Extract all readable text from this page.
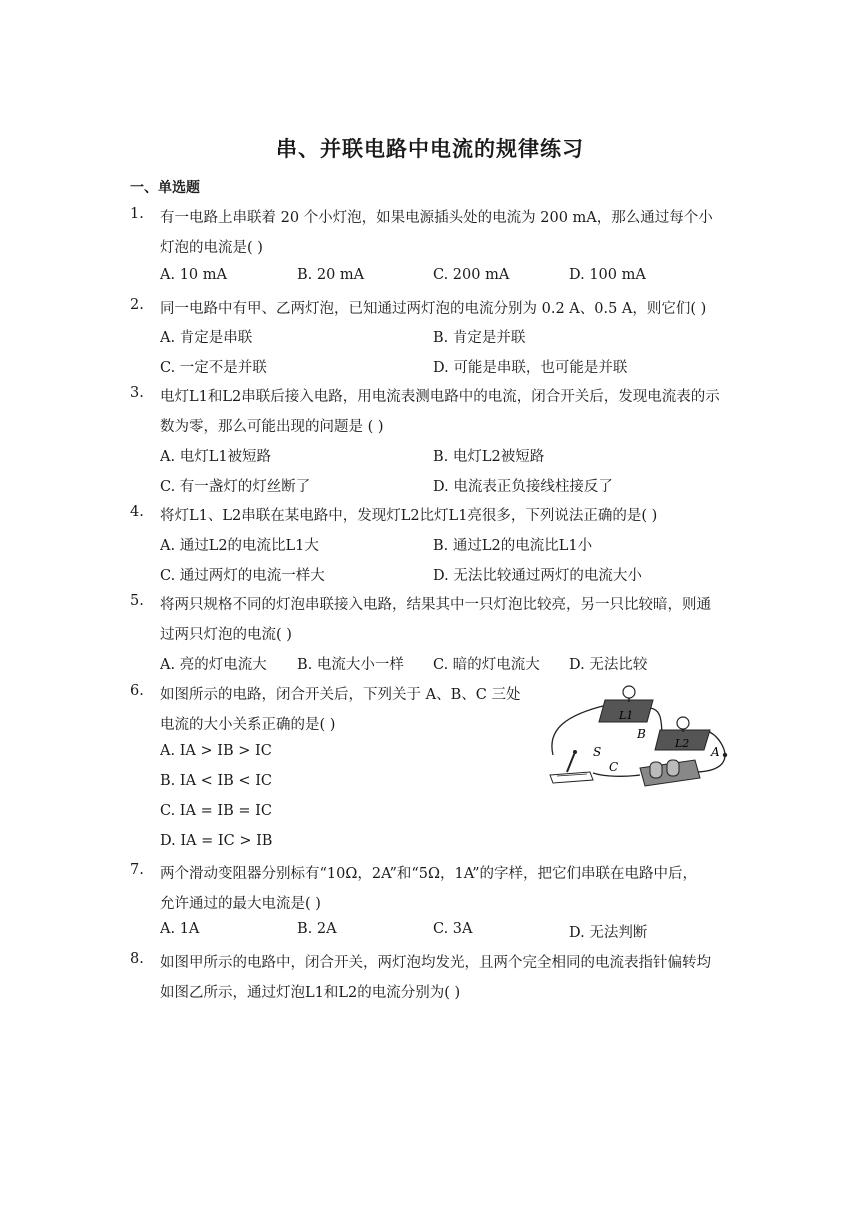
串、并联电路中电流的规律练习
一、单选题
1. 有一电路上串联着 20 个小灯泡，如果电源插头处的电流为 200 mA，那么通过每个小
灯泡的电流是( )
A. 10 mA	B. 20 mA	C. 200 mA	D. 100 mA
2. 同一电路中有甲、乙两灯泡，已知通过两灯泡的电流分别为 0.2 A、0.5 A，则它们( )
A. 肯定是串联	B. 肯定是并联
C. 一定不是并联	D. 可能是串联，也可能是并联
3. 电灯L1和L2串联后接入电路，用电流表测电路中的电流，闭合开关后，发现电流表的示
数为零，那么可能出现的问题是 ( )
A. 电灯L1被短路	B. 电灯L2被短路
C. 有一盏灯的灯丝断了	D. 电流表正负接线柱接反了
4. 将灯L1、L2串联在某电路中，发现灯L2比灯L1亮很多，下列说法正确的是( )
A. 通过L2的电流比L1大	B. 通过L2的电流比L1小
C. 通过两灯的电流一样大	D. 无法比较通过两灯的电流大小
5. 将两只规格不同的灯泡串联接入电路，结果其中一只灯泡比较亮，另一只比较暗，则通
过两只灯泡的电流( )
A. 亮的灯电流大 B. 电流大小一样 C. 暗的灯电流大 D. 无法比较
6. 如图所示的电路，闭合开关后，下列关于 A、B、C 三处
电流的大小关系正确的是( )
A. IA > IB > IC
B. IA < IB < IC
C. IA = IB = IC
D. IA = IC > IB
L1
B
L2
A
C
S
7. 两个滑动变阻器分别标有“10Ω，2A”和“5Ω，1A”的字样，把它们串联在电路中后，
允许通过的最大电流是( )
A. 1A	B. 2A	C. 3A	D. 无法判断
8. 如图甲所示的电路中，闭合开关，两灯泡均发光，且两个完全相同的电流表指针偏转均
如图乙所示，通过灯泡L1和L2的电流分别为( )
